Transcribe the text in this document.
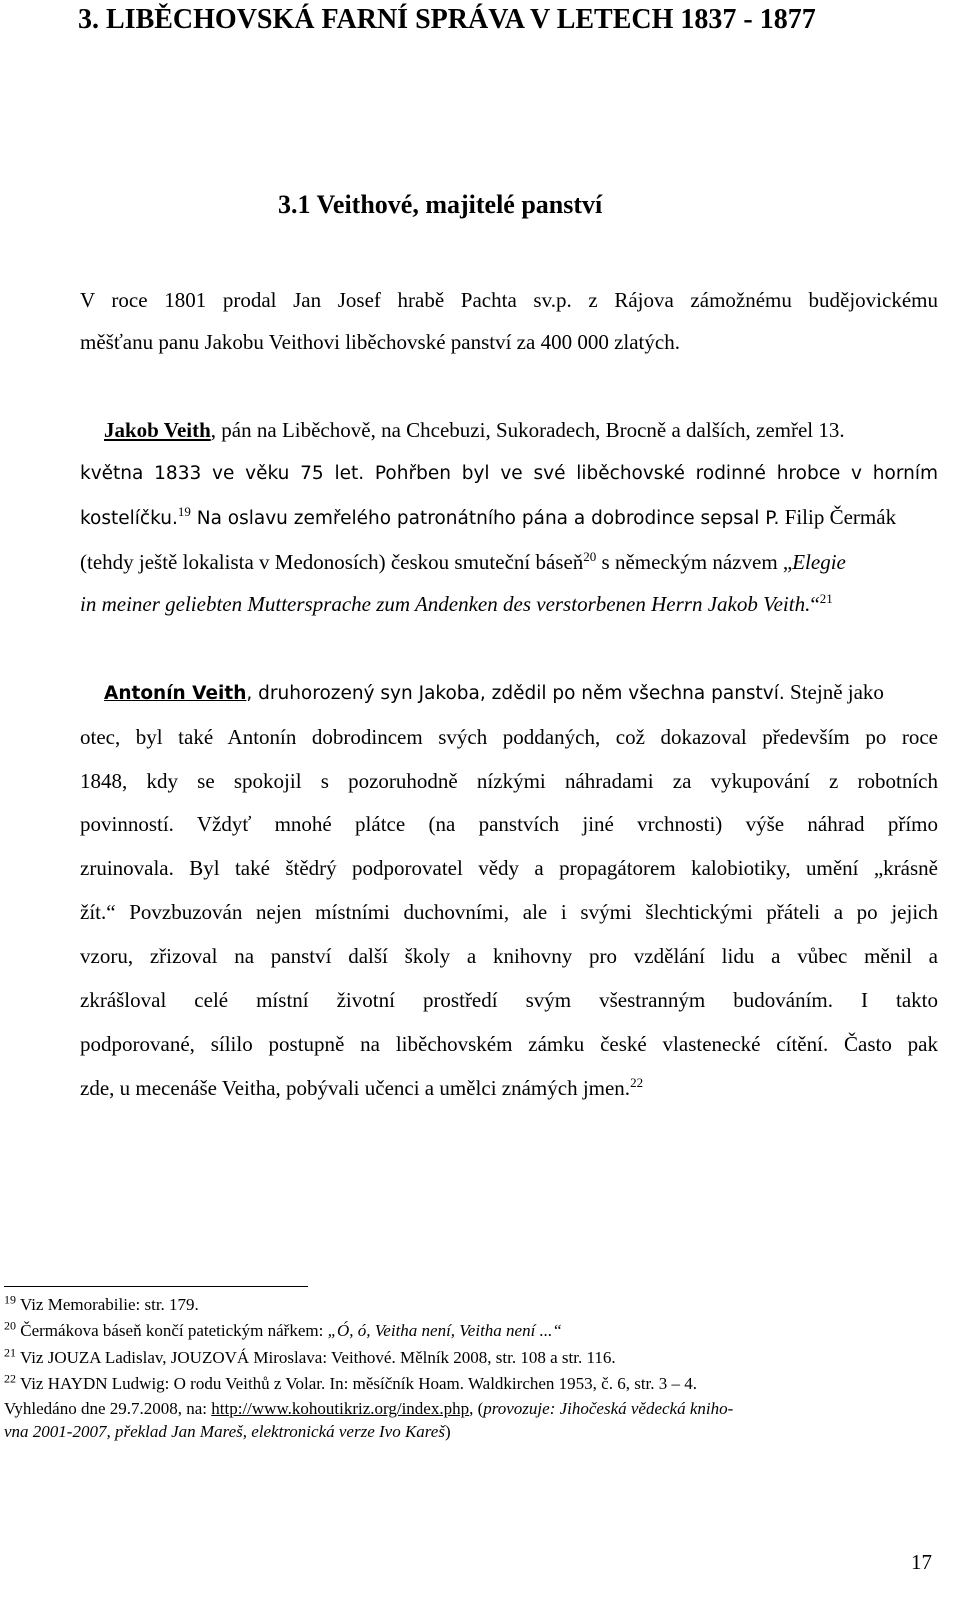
3. LIBĚCHOVSKÁ FARNÍ SPRÁVA V LETECH 1837 - 1877
3.1 Veithové, majitelé panství

V roce 1801 prodal Jan Josef hrabě Pachta sv.p. z Rájova zámožnému budějovickému

měšťanu panu Jakobu Veithovi liběchovské panství za 400 000 zlatých.

Jakob Veith, pán na Liběchově, na Chcebuzi, Sukoradech, Brocně a dalších, zemřel 13.

května 1833 ve věku 75 let. Pohřben byl ve své liběchovské rodinné hrobce v horním

kostelíčku.$^{19}$ Na oslavu zemřelého patronátního pána a dobrodince sepsal P. Filip Čermák

(tehdy ještě lokalista v Medonosích) českou smuteční báseň$^{20}$ s německým názvem „Elegie

in meiner geliebten Muttersprache zum Andenken des verstorbenen Herrn Jakob Veith.“$^{21}$

Antonín Veith, druhorozený syn Jakoba, zdědil po něm všechna panství. Stejně jako

otec, byl také Antonín dobrodincem svých poddaných, což dokazoval především po roce

1848, kdy se spokojil s pozoruhodně nízkými náhradami za vykupování z robotních

povinností. Vždyť mnohé plátce (na panstvích jiné vrchnosti) výše náhrad přímo

zruinovala. Byl také štědrý podporovatel vědy a propagátorem kalobiotiky, umění „krásně

žít.“ Povzbuzován nejen místními duchovními, ale i svými šlechtickými přáteli a po jejich

vzoru, zřizoval na panství další školy a knihovny pro vzdělání lidu a vůbec měnil a

zkrášloval celé místní životní prostředí svým všestranným budováním. I takto

podporované, sílilo postupně na liběchovském zámku české vlastenecké cítění. Často pak

zde, u mecenáše Veitha, pobývali učenci a umělci známých jmen.$^{22}$

$^{19}$ Viz Memorabilie: str. 179.

$^{20}$ Čermákova báseň končí patetickým nářkem: „Ó, ó, Veitha není, Veitha není ...“

$^{21}$ Viz JOUZA Ladislav, JOUZOVÁ Miroslava: Veithové. Mělník 2008, str. 108 a str. 116.

$^{22}$ Viz HAYDN Ludwig: O rodu Veithů z Volar. In: měsíčník Hoam. Waldkirchen 1953, č. 6, str. 3 – 4.

Vyhledáno dne 29.7.2008, na: http://www.kohoutikriz.org/index.php, (provozuje: Jihočeská vědecká kniho-

vna 2001-2007, překlad Jan Mareš, elektronická verze Ivo Kareš)

17
